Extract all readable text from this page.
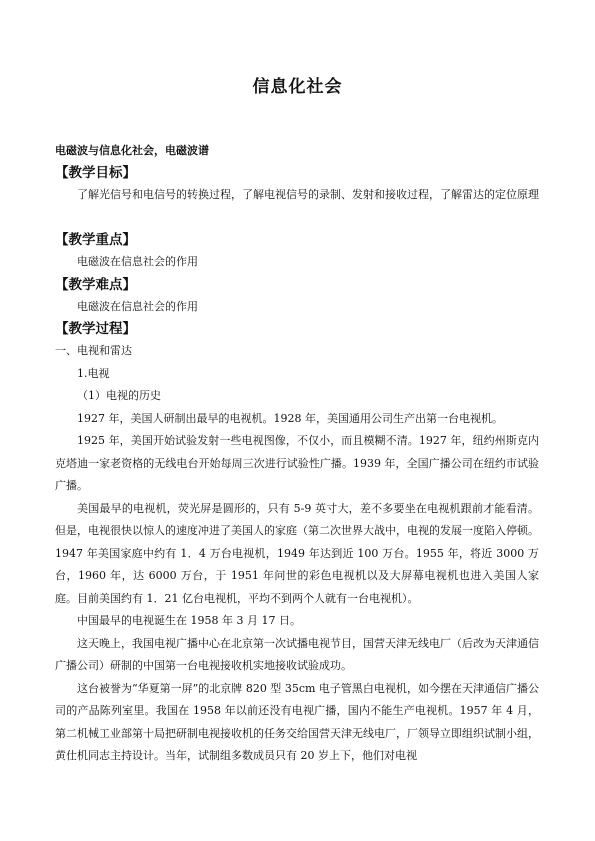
信息化社会
电磁波与信息化社会，电磁波谱
【教学目标】

了解光信号和电信号的转换过程，了解电视信号的录制、发射和接收过程，了解雷达的定位原理

【教学重点】

电磁波在信息社会的作用

【教学难点】

电磁波在信息社会的作用

【教学过程】

一、电视和雷达

1.电视

（1）电视的历史

1927 年，美国人研制出最早的电视机。1928 年，美国通用公司生产出第一台电视机。

1925 年，美国开始试验发射一些电视图像，不仅小，而且模糊不清。1927 年，纽约州斯克内克塔迪一家老资格的无线电台开始每周三次进行试验性广播。1939 年，全国广播公司在纽约市试验广播。

美国最早的电视机，荧光屏是圆形的，只有 5-9 英寸大，差不多要坐在电视机跟前才能看清。但是，电视很快以惊人的速度冲进了美国人的家庭（第二次世界大战中，电视的发展一度陷入停顿。1947 年美国家庭中约有 1．4 万台电视机，1949 年达到近 100 万台。1955 年，将近 3000 万台，1960 年，达 6000 万台，于 1951 年问世的彩色电视机以及大屏幕电视机也进入美国人家庭。目前美国约有 1．21 亿台电视机，平均不到两个人就有一台电视机）。

中国最早的电视诞生在 1958 年 3 月 17 日。

这天晚上，我国电视广播中心在北京第一次试播电视节目，国营天津无线电厂（后改为天津通信广播公司）研制的中国第一台电视接收机实地接收试验成功。

这台被誉为“华夏第一屏”的北京牌 820 型 35cm 电子管黑白电视机，如今摆在天津通信广播公司的产品陈列室里。我国在 1958 年以前还没有电视广播，国内不能生产电视机。1957 年 4 月，第二机械工业部第十局把研制电视接收机的任务交给国营天津无线电厂，厂领导立即组织试制小组，黄仕机同志主持设计。当年，试制组多数成员只有 20 岁上下，他们对电视
